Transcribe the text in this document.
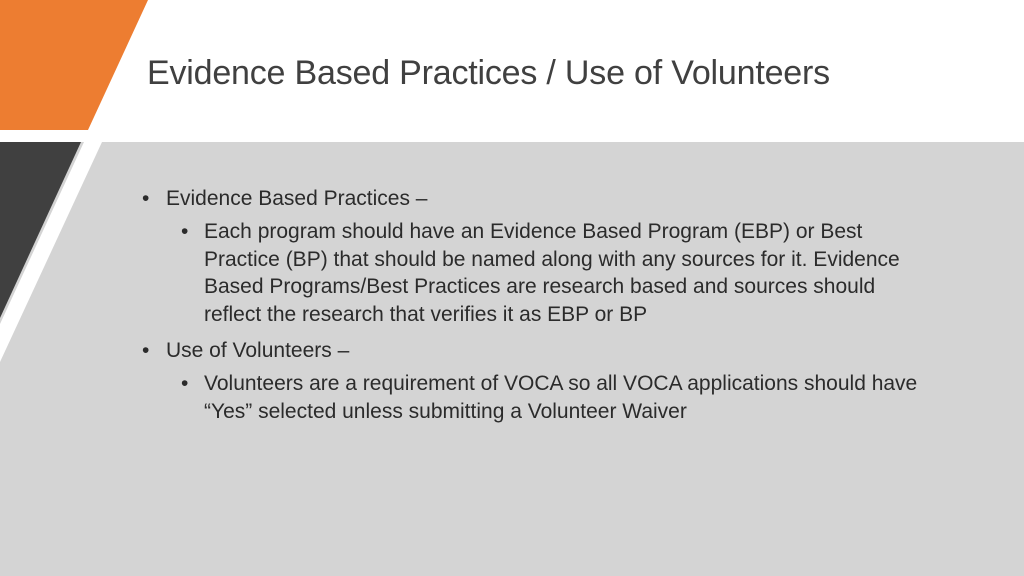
Evidence Based Practices / Use of Volunteers
• Evidence Based Practices –
• Each program should have an Evidence Based Program (EBP) or Best Practice (BP) that should be named along with any sources for it. Evidence Based Programs/Best Practices are research based and sources should reflect the research that verifies it as EBP or BP
• Use of Volunteers –
• Volunteers are a requirement of VOCA so all VOCA applications should have “Yes” selected unless submitting a Volunteer Waiver
